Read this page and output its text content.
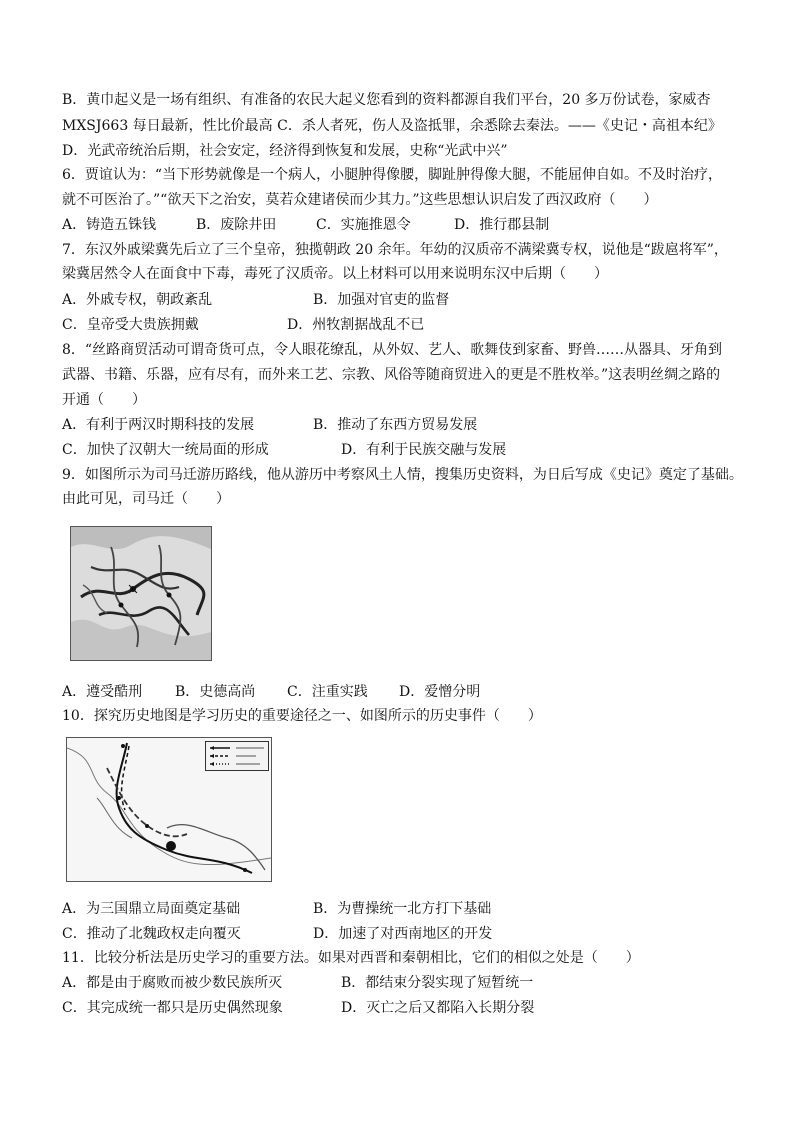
B．黄巾起义是一场有组织、有准备的农民大起义您看到的资料都源自我们平台，20 多万份试卷，家威杏
MXSJ663 每日最新，性比价最高 C．杀人者死，伤人及盗抵罪，余悉除去秦法。——《史记・高祖本纪》
D．光武帝统治后期，社会安定，经济得到恢复和发展，史称“光武中兴”
6．贾谊认为：“当下形势就像是一个病人，小腿肿得像腰，脚趾肿得像大腿，不能屈伸自如。不及时治疗，
就不可医治了。”“欲天下之治安，莫若众建诸侯而少其力。”这些思想认识启发了西汉政府（　　）
A．铸造五铢钱	B．废除井田	C．实施推恩令	D．推行郡县制
7．东汉外戚梁冀先后立了三个皇帝，独揽朝政 20 余年。年幼的汉质帝不满梁冀专权，说他是“跋扈将军”，
梁冀居然令人在面食中下毒，毒死了汉质帝。以上材料可以用来说明东汉中后期（　　）
A．外戚专权，朝政紊乱	B．加强对官吏的监督
C．皇帝受大贵族拥戴	D．州牧割据战乱不已
8．“丝路商贸活动可谓奇货可点，令人眼花缭乱，从外奴、艺人、歌舞伎到家畜、野兽……从器具、牙角到
武器、书籍、乐器，应有尽有，而外来工艺、宗教、风俗等随商贸进入的更是不胜枚举。”这表明丝绸之路的
开通（　　）
A．有利于两汉时期科技的发展	B．推动了东西方贸易发展
C．加快了汉朝大一统局面的形成	D．有利于民族交融与发展
9．如图所示为司马迁游历路线，他从游历中考察风土人情，搜集历史资料，为日后写成《史记》奠定了基础。
由此可见，司马迁（　　）
A．遵受酷刑 B．史德高尚 C．注重实践 D．爱憎分明
10．探究历史地图是学习历史的重要途径之一、如图所示的历史事件（　　）
A．为三国鼎立局面奠定基础	B．为曹操统一北方打下基础
C．推动了北魏政权走向覆灭	D．加速了对西南地区的开发
11．比较分析法是历史学习的重要方法。如果对西晋和秦朝相比，它们的相似之处是（　　）
A．都是由于腐败而被少数民族所灭	B．都结束分裂实现了短暂统一
C．其完成统一都只是历史偶然现象	D．灭亡之后又都陷入长期分裂
